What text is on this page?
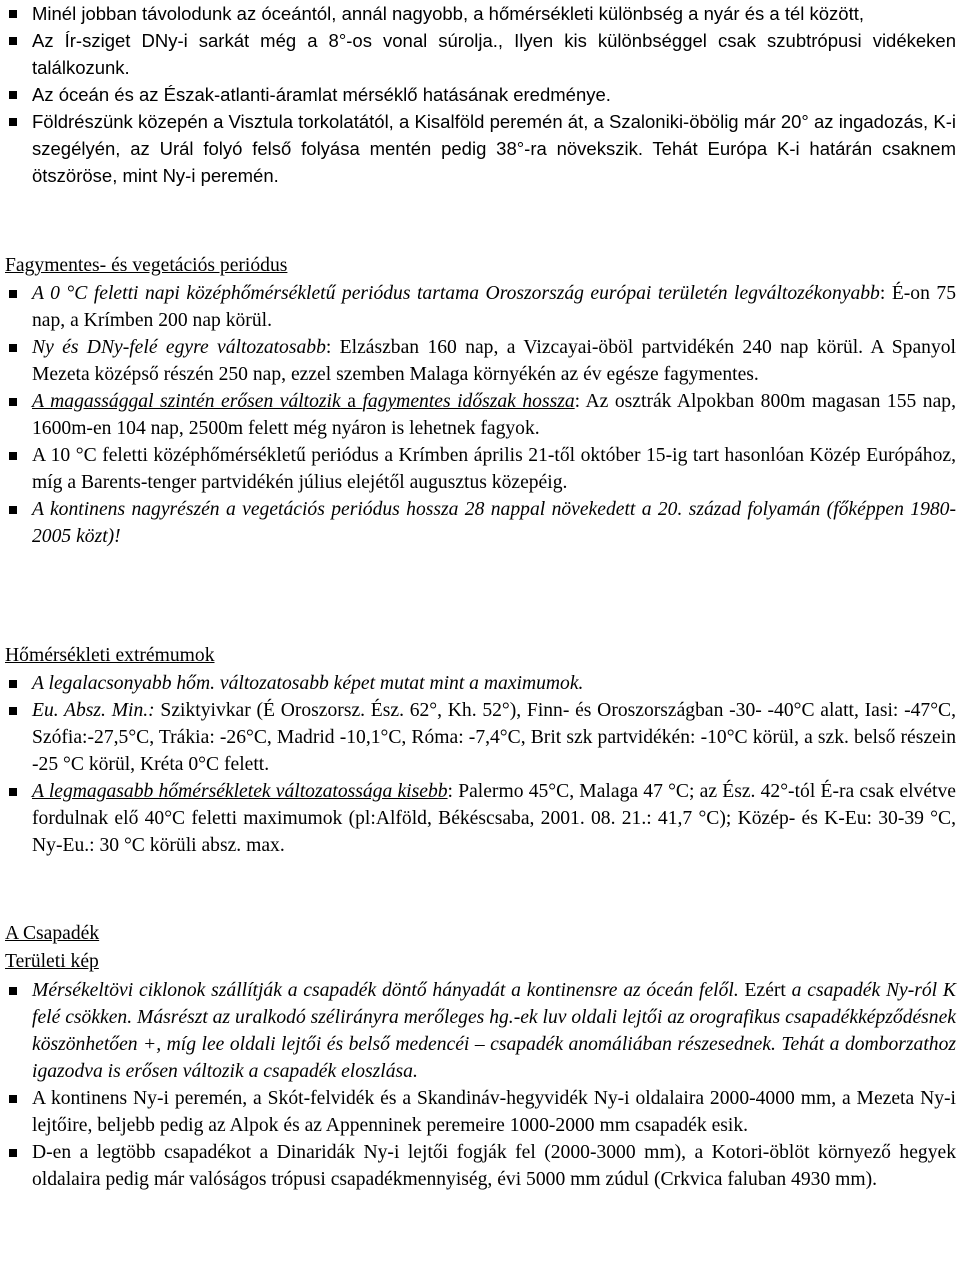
Minél jobban távolodunk az óceántól, annál nagyobb, a hőmérsékleti különbség a nyár és a tél között,
Az Ír-sziget DNy-i sarkát még a 8°-os vonal súrolja., Ilyen kis különbséggel csak szubtrópusi vidékeken találkozunk.
Az óceán és az Észak-atlanti-áramlat mérséklő hatásának eredménye.
Földrészünk közepén a Visztula torkolatától, a Kisalföld peremén át, a Szaloniki-öbölig már 20° az ingadozás, K-i szegélyén, az Urál folyó felső folyása mentén pedig 38°-ra növekszik. Tehát Európa K-i határán csaknem ötszöröse, mint Ny-i peremén.
Fagymentes- és vegetációs periódus
A 0 °C feletti napi középhőmérsékletű periódus tartama Oroszország európai területén legváltozékonyabb: É-on 75 nap, a Krímben 200 nap körül.
Ny és DNy-felé egyre változatosabb: Elzászban 160 nap, a Vizcayai-öböl partvidékén 240 nap körül. A Spanyol Mezeta középső részén 250 nap, ezzel szemben Malaga környékén az év egésze fagymentes.
A magassággal szintén erősen változik a fagymentes időszak hossza: Az osztrák Alpokban 800m magasan 155 nap, 1600m-en 104 nap, 2500m felett még nyáron is lehetnek fagyok.
A 10 °C feletti középhőmérsékletű periódus a Krímben április 21-től október 15-ig tart hasonlóan Közép Európához, míg a Barents-tenger partvidékén július elejétől augusztus közepéig.
A kontinens nagyrészén a vegetációs periódus hossza 28 nappal növekedett a 20. század folyamán (főképpen 1980-2005 közt)!
Hőmérsékleti extrémumok
A legalacsonyabb hőm. változatosabb képet mutat mint a maximumok.
Eu. Absz. Min.: Sziktyivkar (É Oroszorsz. Ész. 62°, Kh. 52°), Finn- és Oroszországban -30- -40°C alatt, Iasi: -47°C, Szófia:-27,5°C, Trákia: -26°C, Madrid -10,1°C, Róma: -7,4°C, Brit szk partvidékén: -10°C körül, a szk. belső részein -25 °C körül, Kréta 0°C felett.
A legmagasabb hőmérsékletek változatossága kisebb: Palermo 45°C, Malaga 47 °C; az Ész. 42°-tól É-ra csak elvétve fordulnak elő 40°C feletti maximumok (pl:Alföld, Békéscsaba, 2001. 08. 21.: 41,7 °C); Közép- és K-Eu: 30-39 °C, Ny-Eu.: 30 °C körüli absz. max.
A Csapadék
Területi kép
Mérsékeltövi ciklonok szállítják a csapadék döntő hányadát a kontinensre az óceán felől. Ezért a csapadék Ny-ról K felé csökken. Másrészt az uralkodó szélirányra merőleges hg.-ek luv oldali lejtői az orografikus csapadékképződésnek köszönhetően +, míg lee oldali lejtői és belső medencéi – csapadék anomáliában részesednek. Tehát a domborzathoz igazodva is erősen változik a csapadék eloszlása.
A kontinens Ny-i peremén, a Skót-felvidék és a Skandináv-hegyvidék Ny-i oldalaira 2000-4000 mm, a Mezeta Ny-i lejtőire, beljebb pedig az Alpok és az Appenninek peremeire 1000-2000 mm csapadék esik.
D-en a legtöbb csapadékot a Dinaridák Ny-i lejtői fogják fel (2000-3000 mm), a Kotori-öblöt környező hegyek oldalaira pedig már valóságos trópusi csapadékmennyiség, évi 5000 mm zúdul (Crkvica faluban 4930 mm).
